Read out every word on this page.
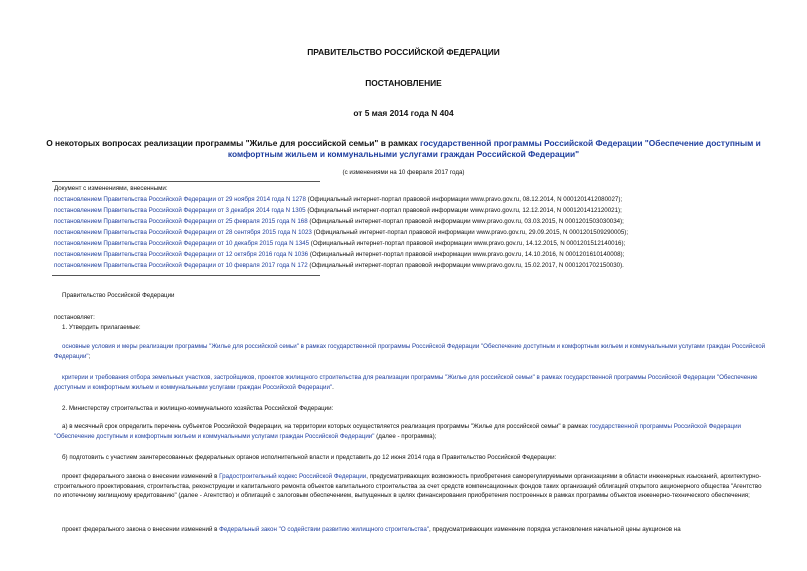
ПРАВИТЕЛЬСТВО РОССИЙСКОЙ ФЕДЕРАЦИИ
ПОСТАНОВЛЕНИЕ
от 5 мая 2014 года N 404
О некоторых вопросах реализации программы "Жилье для российской семьи" в рамках государственной программы Российской Федерации "Обеспечение доступным и комфортным жильем и коммунальными услугами граждан Российской Федерации"
(с изменениями на 10 февраля 2017 года)
Документ с изменениями, внесенными:
постановлением Правительства Российской Федерации от 29 ноября 2014 года N 1278 (Официальный интернет-портал правовой информации www.pravo.gov.ru, 08.12.2014, N 0001201412080027);
постановлением Правительства Российской Федерации от 3 декабря 2014 года N 1305 (Официальный интернет-портал правовой информации www.pravo.gov.ru, 12.12.2014, N 0001201412120021);
постановлением Правительства Российской Федерации от 25 февраля 2015 года N 168 (Официальный интернет-портал правовой информации www.pravo.gov.ru, 03.03.2015, N 0001201503030034);
постановлением Правительства Российской Федерации от 28 сентября 2015 года N 1023 (Официальный интернет-портал правовой информации www.pravo.gov.ru, 29.09.2015, N 0001201509290005);
постановлением Правительства Российской Федерации от 10 декабря 2015 года N 1345 (Официальный интернет-портал правовой информации www.pravo.gov.ru, 14.12.2015, N 0001201512140016);
постановлением Правительства Российской Федерации от 12 октября 2016 года N 1036 (Официальный интернет-портал правовой информации www.pravo.gov.ru, 14.10.2016, N 0001201610140008);
постановлением Правительства Российской Федерации от 10 февраля 2017 года N 172 (Официальный интернет-портал правовой информации www.pravo.gov.ru, 15.02.2017, N 0001201702150030).
Правительство Российской Федерации
постановляет:
1. Утвердить прилагаемые:
основные условия и меры реализации программы "Жилье для российской семьи" в рамках государственной программы Российской Федерации "Обеспечение доступным и комфортным жильем и коммунальными услугами граждан Российской Федерации";
критерии и требования отбора земельных участков, застройщиков, проектов жилищного строительства для реализации программы "Жилье для российской семьи" в рамках государственной программы Российской Федерации "Обеспечение доступным и комфортным жильем и коммунальными услугами граждан Российской Федерации".
2. Министерству строительства и жилищно-коммунального хозяйства Российской Федерации:
а) в месячный срок определить перечень субъектов Российской Федерации, на территории которых осуществляется реализация программы "Жилье для российской семьи" в рамках государственной программы Российской Федерации "Обеспечение доступным и комфортным жильем и коммунальными услугами граждан Российской Федерации" (далее - программа);
б) подготовить с участием заинтересованных федеральных органов исполнительной власти и представить до 12 июня 2014 года в Правительство Российской Федерации:
проект федерального закона о внесении изменений в Градостроительный кодекс Российской Федерации, предусматривающих возможность приобретения саморегулируемыми организациями в области инженерных изысканий, архитектурно-строительного проектирования, строительства, реконструкции и капитального ремонта объектов капитального строительства за счет средств компенсационных фондов таких организаций облигаций открытого акционерного общества "Агентство по ипотечному жилищному кредитованию" (далее - Агентство) и облигаций с залоговым обеспечением, выпущенных в целях финансирования приобретения построенных в рамках программы объектов инженерно-технического обеспечения;
проект федерального закона о внесении изменений в Федеральный закон "О содействии развитию жилищного строительства", предусматривающих изменение порядка установления начальной цены аукционов на
